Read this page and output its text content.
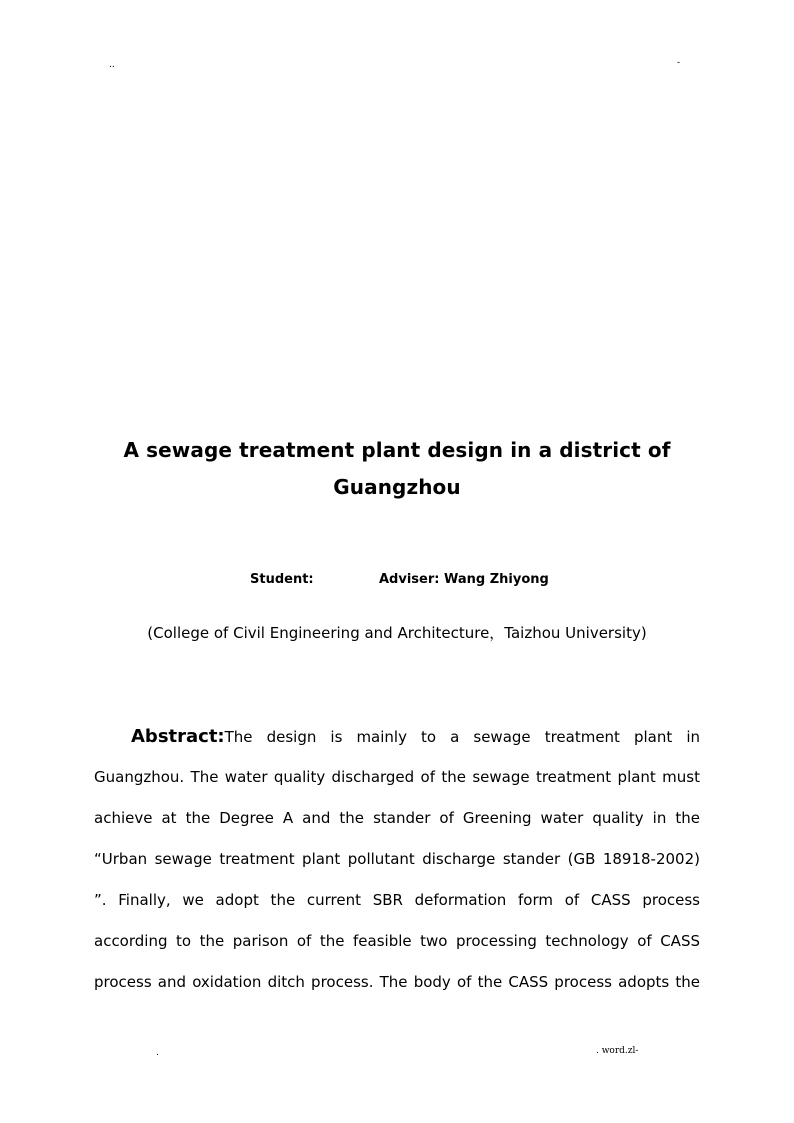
..	-
A sewage treatment plant design in a district of Guangzhou
Student:	Adviser: Wang Zhiyong
(College of Civil Engineering and Architecture，Taizhou University)
Abstract:The design is mainly to a sewage treatment plant in
Guangzhou. The water quality discharged of the sewage treatment plant must
achieve at the Degree A and the stander of Greening water quality in the
“Urban sewage treatment plant pollutant discharge stander (GB 18918-2002)
”. Finally, we adopt the current SBR deformation form of CASS process
according to the parison of the feasible two processing technology of CASS
process and oxidation ditch process. The body of the CASS process adopts the
.	. word.zl-
